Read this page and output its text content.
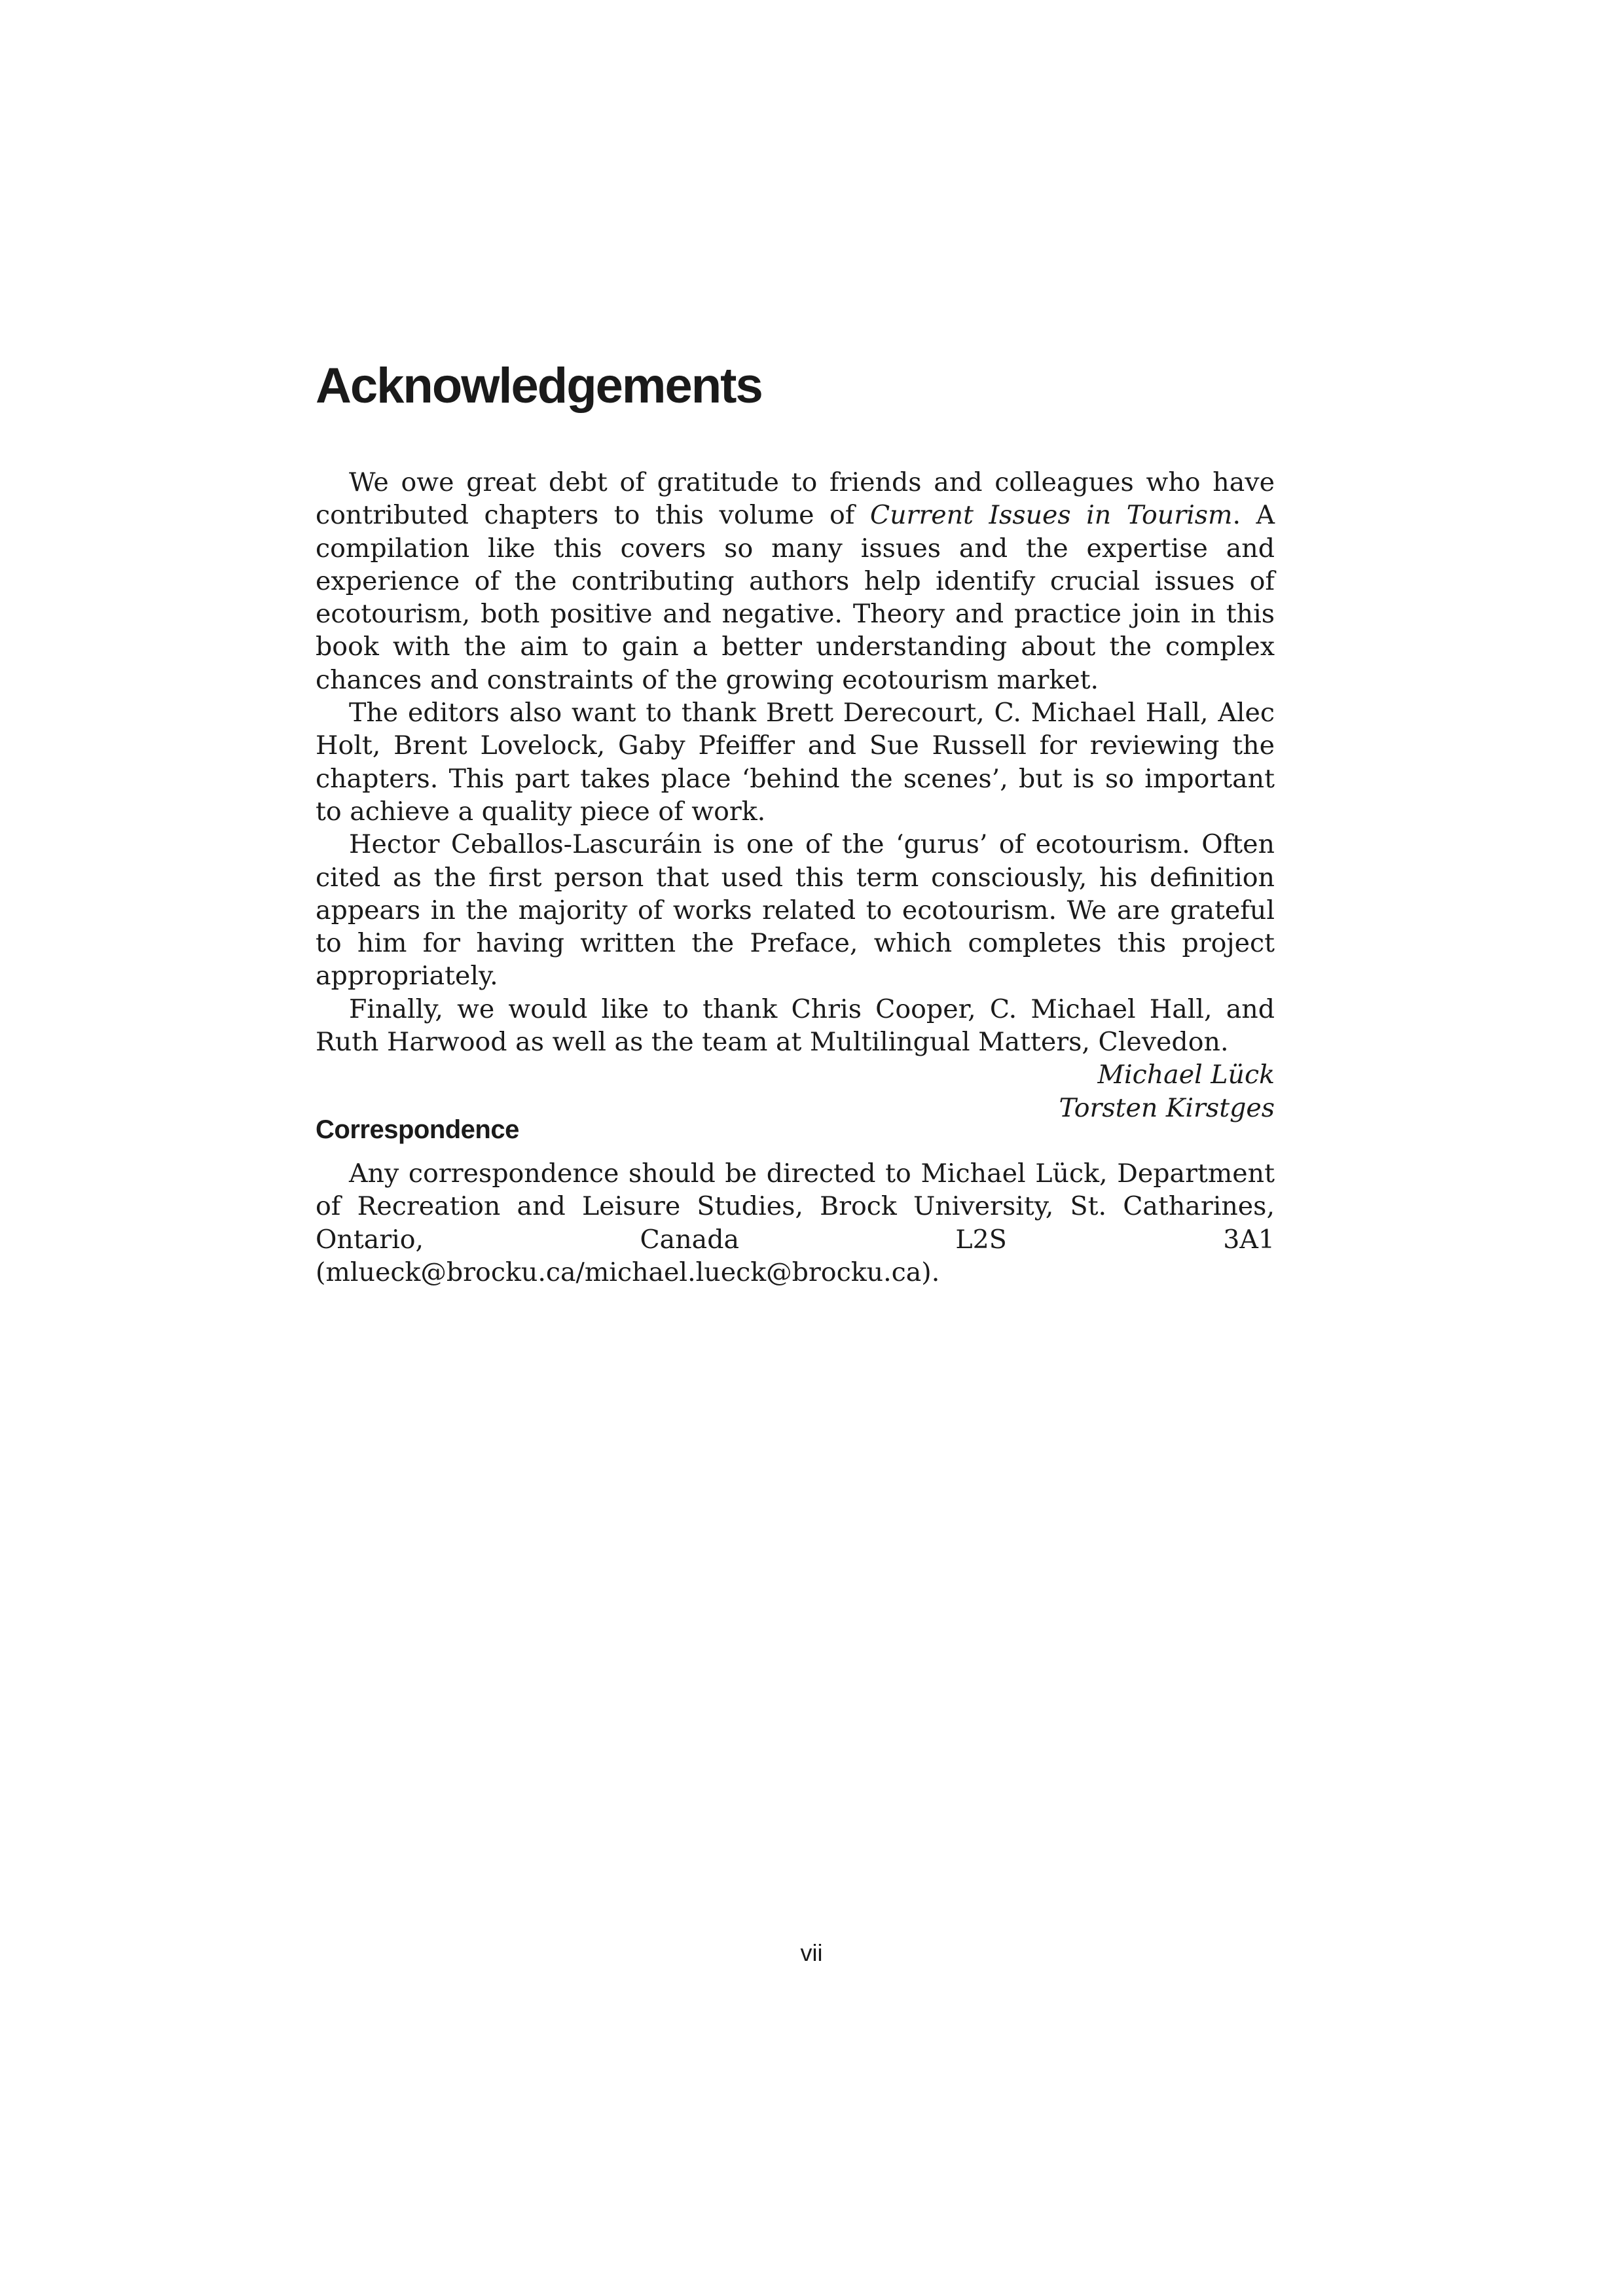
Acknowledgements

We owe great debt of gratitude to friends and colleagues who have contributed chapters to this volume of Current Issues in Tourism. A compilation like this covers so many issues and the expertise and experience of the contributing authors help identify crucial issues of ecotourism, both positive and negative. Theory and practice join in this book with the aim to gain a better understanding about the complex chances and constraints of the growing ecotourism market.

The editors also want to thank Brett Derecourt, C. Michael Hall, Alec Holt, Brent Lovelock, Gaby Pfeiffer and Sue Russell for reviewing the chapters. This part takes place ‘behind the scenes’, but is so important to achieve a quality piece of work.

Hector Ceballos-Lascuráin is one of the ‘gurus’ of ecotourism. Often cited as the first person that used this term consciously, his definition appears in the majority of works related to ecotourism. We are grateful to him for having written the Preface, which completes this project appropriately.

Finally, we would like to thank Chris Cooper, C. Michael Hall, and Ruth Harwood as well as the team at Multilingual Matters, Clevedon.

Michael Lück
Torsten Kirstges
Correspondence

Any correspondence should be directed to Michael Lück, Department of Recreation and Leisure Studies, Brock University, St. Catharines, Ontario, Canada L2S 3A1 (mlueck@brocku.ca/michael.lueck@brocku.ca).

vii
